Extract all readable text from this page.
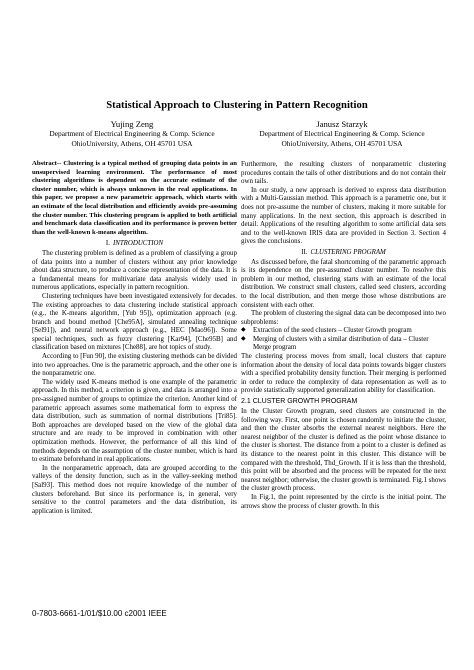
Statistical Approach to Clustering in Pattern Recognition
Yujing Zeng
Department of Electrical Engineering & Comp. Science
OhioUniversity, Athens, OH 45701 USA
Janusz Starzyk
Department of Electrical Engineering & Comp. Science
OhioUniversity, Athens, OH 45701 USA

Abstract-- Clustering is a typical method of grouping data points in an unsupervised learning environment. The performance of most clustering algorithms is dependent on the accurate estimate of the cluster number, which is always unknown in the real applications. In this paper, we propose a new parametric approach, which starts with an estimate of the local distribution and efficiently avoids pre-assuming the cluster number. This clustering program is applied to both artificial and benchmark data classification and its performance is proven better than the well-known k-means algorithm.

I. INTRODUCTION

The clustering problem is defined as a problem of classifying a group of data points into a number of clusters without any prior knowledge about data structure, to produce a concise representation of the data. It is a fundamental means for multivariate data analysis widely used in numerous applications, especially in pattern recognition.

Clustering techniques have been investigated extensively for decades. The existing approaches to data clustering include statistical approach (e.g., the K-means algorithm, [Yub 95]), optimization approach (e.g. branch and bound method [Che95A], simulated annealing technique [Sel91]), and neural network approach (e.g., HEC [Mao96]). Some special techniques, such as fuzzy clustering [Kar94], [Che95B] and classification based on mixtures [Che88], are hot topics of study.

According to [Fun 90], the existing clustering methods can be divided into two approaches. One is the parametric approach, and the other one is the nonparametric one.

The widely used K-means method is one example of the parametric approach. In this method, a criterion is given, and data is arranged into a pre-assigned number of groups to optimize the criterion. Another kind of parametric approach assumes some mathematical form to express the data distribution, such as summation of normal distributions [Tri85]. Both approaches are developed based on the view of the global data structure and are ready to be improved in combination with other optimization methods. However, the performance of all this kind of methods depends on the assumption of the cluster number, which is hard to estimate beforehand in real applications.

In the nonparametric approach, data are grouped according to the valleys of the density function, such as in the valley-seeking method [Sal93]. This method does not require knowledge of the number of clusters beforehand. But since its performance is, in general, very sensitive to the control parameters and the data distribution, its application is limited.

Furthermore, the resulting clusters of nonparametric clustering procedures contain the tails of other distributions and do not contain their own tails.

In our study, a new approach is derived to express data distribution with a Multi-Gaussian method. This approach is a parametric one, but it does not pre-assume the number of clusters, making it more suitable for many applications. In the next section, this approach is described in detail. Applications of the resulting algorithm to some artificial data sets and to the well-known IRIS data are provided in Section 3. Section 4 gives the conclusions.

II. CLUSTERING PROGRAM

As discussed before, the fatal shortcoming of the parametric approach is its dependence on the pre-assumed cluster number. To resolve this problem in our method, clustering starts with an estimate of the local distribution. We construct small clusters, called seed clusters, according to the local distribution, and then merge those whose distributions are consistent with each other.

The problem of clustering the signal data can be decomposed into two subproblems:

◆	Extraction of the seed clusters – Cluster Growth program
◆	Merging of clusters with a similar distribution of data – Cluster Merge program

The clustering process moves from small, local clusters that capture information about the density of local data points towards bigger clusters with a specified probability density function. Their merging is performed in order to reduce the complexity of data representation as well as to provide statistically supported generalization ability for classification.

2.1 CLUSTER GROWTH PROGRAM

In the Cluster Growth program, seed clusters are constructed in the following way. First, one point is chosen randomly to initiate the cluster, and then the cluster absorbs the external nearest neighbors. Here the nearest neighbor of the cluster is defined as the point whose distance to the cluster is shortest. The distance from a point to a cluster is defined as its distance to the nearest point in this cluster. This distance will be compared with the threshold, Thd_Growth. If it is less than the threshold, this point will be absorbed and the process will be repeated for the next nearest neighbor; otherwise, the cluster growth is terminated. Fig.1 shows the cluster growth process.

In Fig.1, the point represented by the circle is the initial point. The arrows show the process of cluster growth. In this

0-7803-6661-1/01/$10.00 c2001 IEEE
